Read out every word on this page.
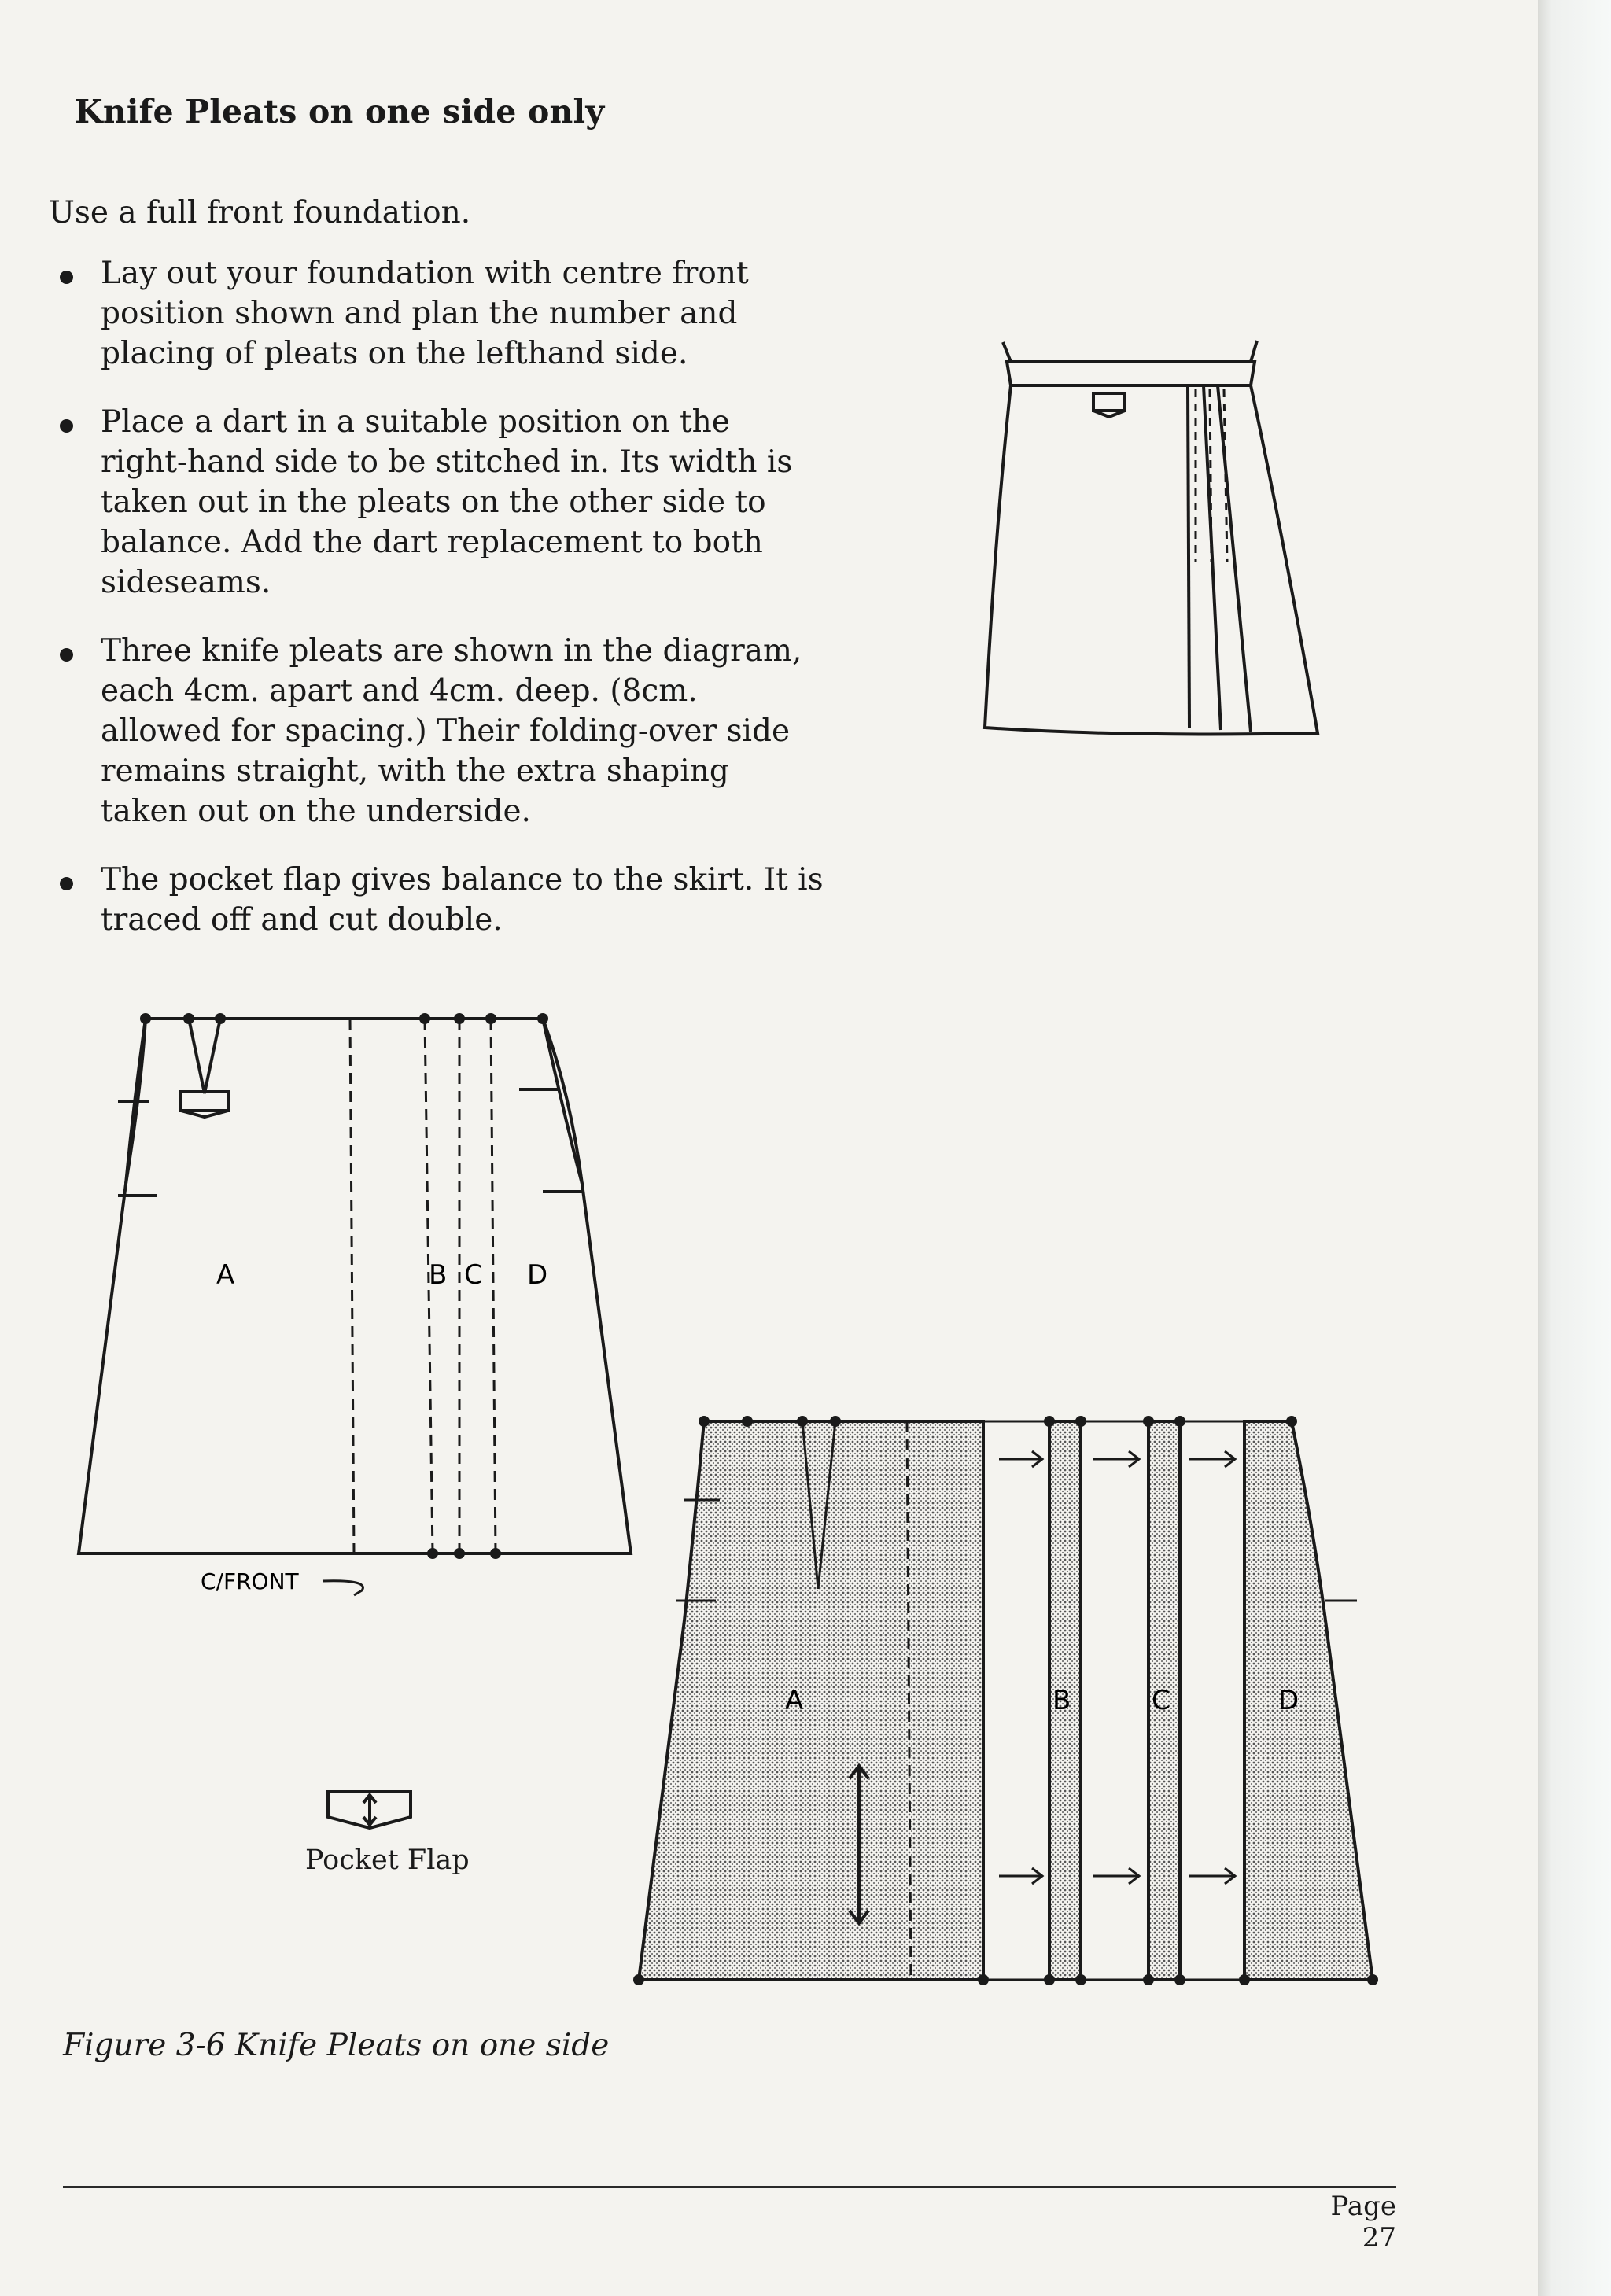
Knife Pleats on one side only

Use a full front foundation.

Lay out your foundation with centre front position shown and plan the number and placing of pleats on the lefthand side.
Place a dart in a suitable position on the right-hand side to be stitched in. Its width is taken out in the pleats on the other side to balance. Add the dart replacement to both sideseams.
Three knife pleats are shown in the diagram, each 4cm. apart and 4cm. deep. (8cm. allowed for spacing.) Their folding-over side remains straight, with the extra shaping taken out on the underside.
The pocket flap gives balance to the skirt. It is traced off and cut double.
A	B C D
C/FRONT

Pocket Flap

A	B	C	D

Figure 3-6 Knife Pleats on one side

Page 27
